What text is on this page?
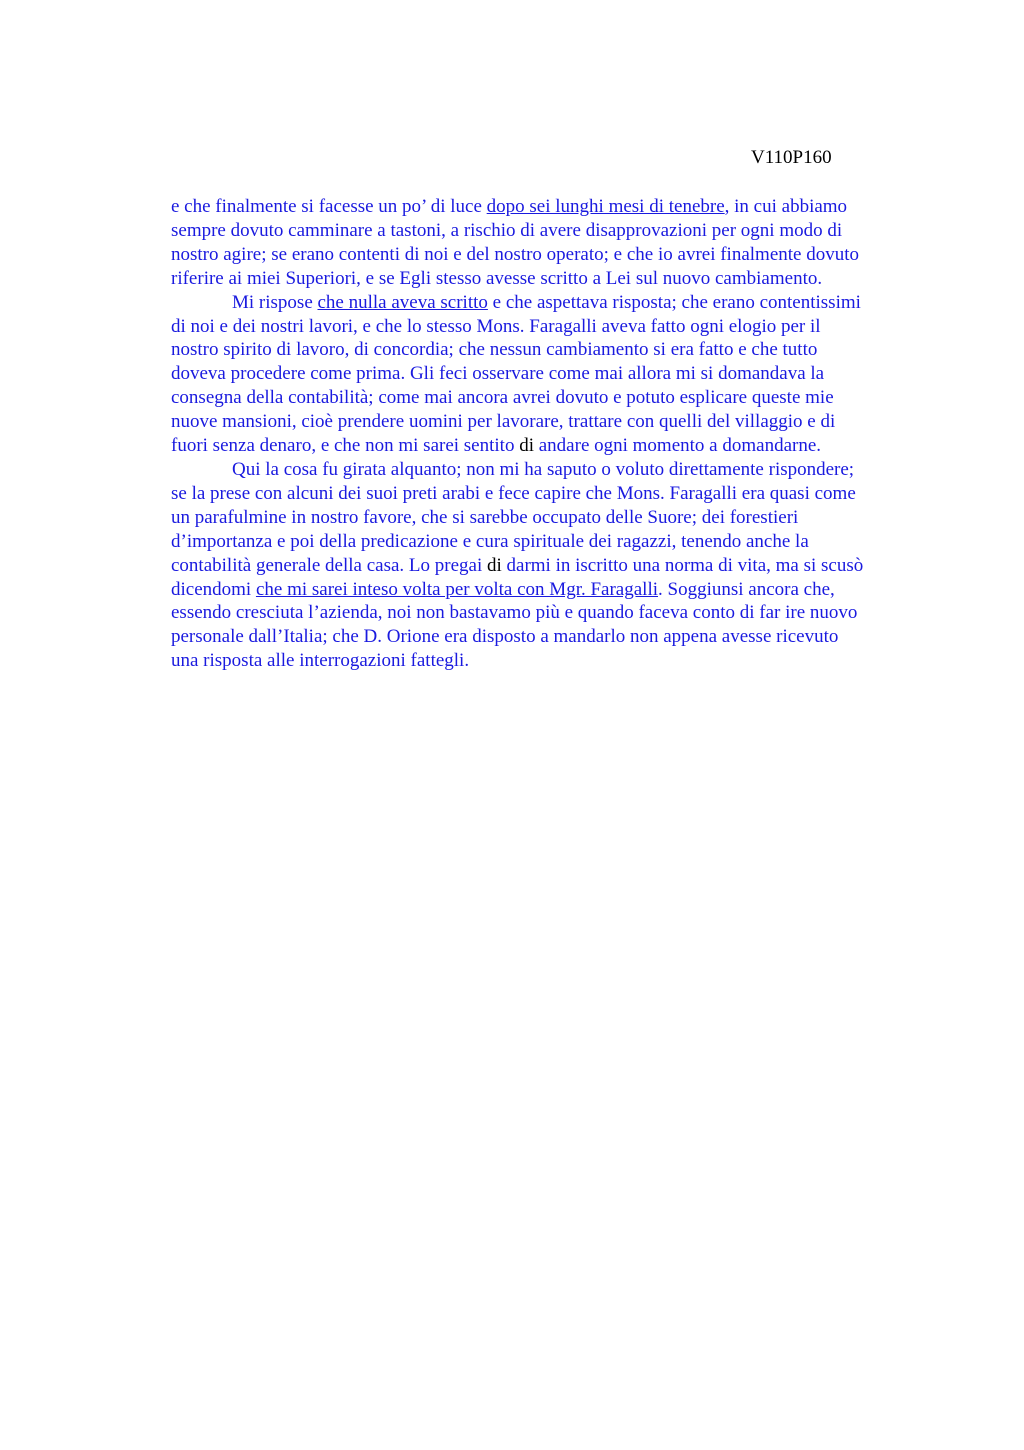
V110P160

e che finalmente si facesse un po’ di luce dopo sei lunghi mesi di tenebre, in cui abbiamo
sempre dovuto camminare a tastoni, a rischio di avere disapprovazioni per ogni modo di
nostro agire; se erano contenti di noi e del nostro operato; e che io avrei finalmente dovuto
riferire ai miei Superiori, e se Egli stesso avesse scritto a Lei sul nuovo cambiamento.

Mi rispose che nulla aveva scritto e che aspettava risposta; che erano contentissimi
di noi e dei nostri lavori, e che lo stesso Mons. Faragalli aveva fatto ogni elogio per il
nostro spirito di lavoro, di concordia; che nessun cambiamento si era fatto e che tutto
doveva procedere come prima. Gli feci osservare come mai allora mi si domandava la
consegna della contabilità; come mai ancora avrei dovuto e potuto esplicare queste mie
nuove mansioni, cioè prendere uomini per lavorare, trattare con quelli del villaggio e di
fuori senza denaro, e che non mi sarei sentito di andare ogni momento a domandarne.

Qui la cosa fu girata alquanto; non mi ha saputo o voluto direttamente rispondere;
se la prese con alcuni dei suoi preti arabi e fece capire che Mons. Faragalli era quasi come
un parafulmine in nostro favore, che si sarebbe occupato delle Suore; dei forestieri
d’importanza e poi della predicazione e cura spirituale dei ragazzi, tenendo anche la
contabilità generale della casa. Lo pregai di darmi in iscritto una norma di vita, ma si scusò
dicendomi che mi sarei inteso volta per volta con Mgr. Faragalli. Soggiunsi ancora che,
essendo cresciuta l’azienda, noi non bastavamo più e quando faceva conto di far ire nuovo
personale dall’Italia; che D. Orione era disposto a mandarlo non appena avesse ricevuto
una risposta alle interrogazioni fattegli.
